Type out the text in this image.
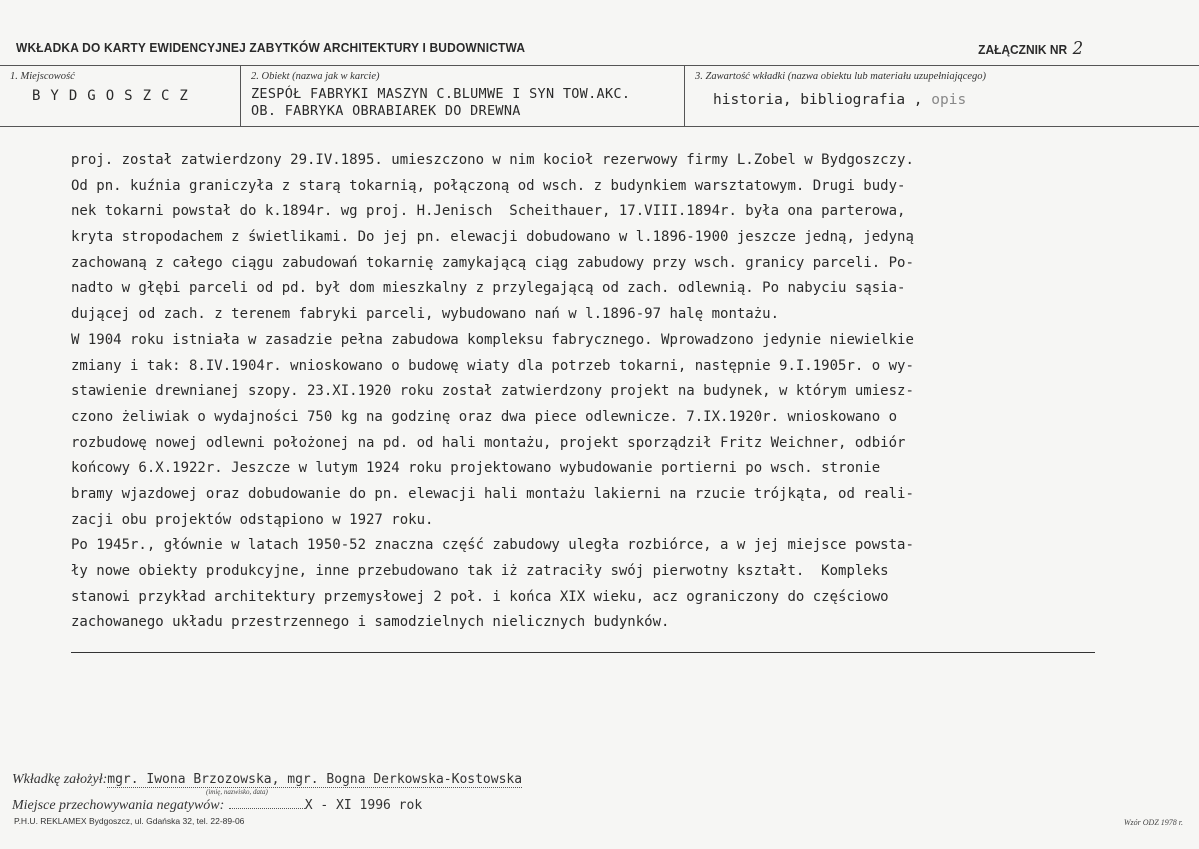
WKŁADKA DO KARTY EWIDENCYJNEJ ZABYTKÓW ARCHITEKTURY I BUDOWNICTWA	ZAŁĄCZNIK NR 2
1. Miejscowość
BYDGOSZCZ
2. Obiekt (nazwa jak w karcie)
ZESPÓŁ FABRYKI MASZYN C.BLUMWE I SYN TOW.AKC.
OB. FABRYKA OBRABIAREK DO DREWNA
3. Zawartość wkładki (nazwa obiektu lub materiału uzupełniającego)
historia, bibliografia , opis
proj. został zatwierdzony 29.IV.1895. umieszczono w nim kocioł rezerwowy firmy L.Zobel w Bydgoszczy.
Od pn. kuźnia graniczyła z starą tokarnią, połączoną od wsch. z budynkiem warsztatowym. Drugi budy-
nek tokarni powstał do k.1894r. wg proj. H.Jenisch  Scheithauer, 17.VIII.1894r. była ona parterowa,
kryta stropodachem z świetlikami. Do jej pn. elewacji dobudowano w l.1896-1900 jeszcze jedną, jedyną
zachowaną z całego ciągu zabudowań tokarnię zamykającą ciąg zabudowy przy wsch. granicy parceli. Po-
nadto w głębi parceli od pd. był dom mieszkalny z przylegającą od zach. odlewnią. Po nabyciu sąsia-
dującej od zach. z terenem fabryki parceli, wybudowano nań w l.1896-97 halę montażu.
W 1904 roku istniała w zasadzie pełna zabudowa kompleksu fabrycznego. Wprowadzono jedynie niewielkie
zmiany i tak: 8.IV.1904r. wnioskowano o budowę wiaty dla potrzeb tokarni, następnie 9.I.1905r. o wy-
stawienie drewnianej szopy. 23.XI.1920 roku został zatwierdzony projekt na budynek, w którym umiesz-
czono żeliwiak o wydajności 750 kg na godzinę oraz dwa piece odlewnicze. 7.IX.1920r. wnioskowano o
rozbudowę nowej odlewni położonej na pd. od hali montażu, projekt sporządził Fritz Weichner, odbiór
końcowy 6.X.1922r. Jeszcze w lutym 1924 roku projektowano wybudowanie portierni po wsch. stronie
bramy wjazdowej oraz dobudowanie do pn. elewacji hali montażu lakierni na rzucie trójkąta, od reali-
zacji obu projektów odstąpiono w 1927 roku.
Po 1945r., głównie w latach 1950-52 znaczna część zabudowy uległa rozbiórce, a w jej miejsce powsta-
ły nowe obiekty produkcyjne, inne przebudowano tak iż zatraciły swój pierwotny kształt.  Kompleks
stanowi przykład architektury przemysłowej 2 poł. i końca XIX wieku, acz ograniczony do częściowo
zachowanego układu przestrzennego i samodzielnych nielicznych budynków.
Wkładkę założył:mgr. Iwona Brzozowska, mgr. Bogna Derkowska-Kostowska
(imię, nazwisko, data)
Miejsce przechowywania negatywów:	X - XI 1996 rok
P.H.U. REKLAMEX Bydgoszcz, ul. Gdańska 32, tel. 22-89-06	Wzór ODZ 1978 r.
